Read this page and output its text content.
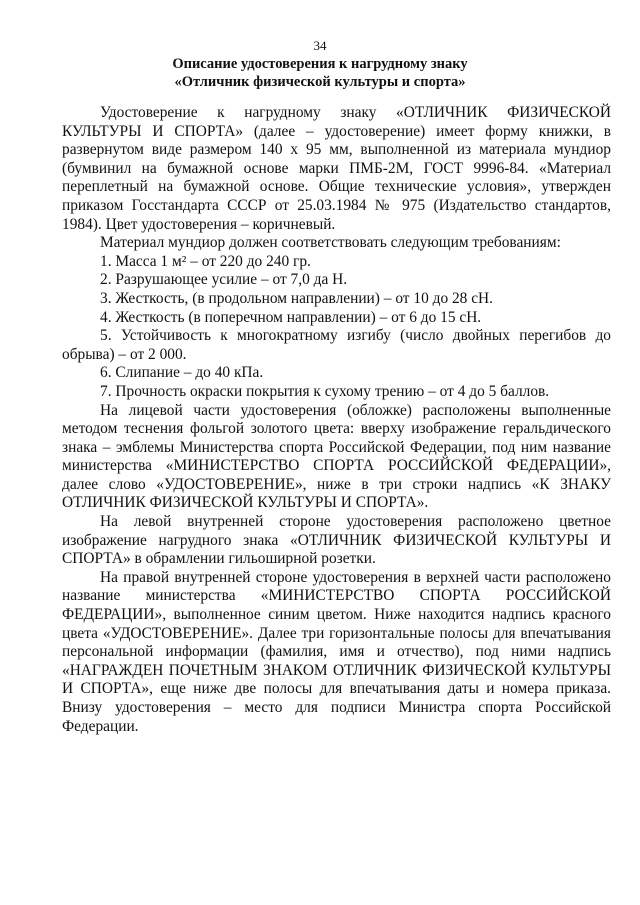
34
Описание удостоверения к нагрудному знаку
«Отличник физической культуры и спорта»

Удостоверение к нагрудному знаку «ОТЛИЧНИК ФИЗИЧЕСКОЙ КУЛЬТУРЫ И СПОРТА» (далее – удостоверение) имеет форму книжки, в развернутом виде размером 140 х 95 мм, выполненной из материала мундиор (бумвинил на бумажной основе марки ПМБ-2М, ГОСТ 9996-84. «Материал переплетный на бумажной основе. Общие технические условия», утвержден приказом Госстандарта СССР от 25.03.1984 № 975 (Издательство стандартов, 1984). Цвет удостоверения – коричневый.

Материал мундиор должен соответствовать следующим требованиям:

1. Масса 1 м² – от 220 до 240 гр.

2. Разрушающее усилие – от 7,0 да Н.

3. Жесткость, (в продольном направлении) – от 10 до 28 сН.

4. Жесткость (в поперечном направлении) – от 6 до 15 сН.

5. Устойчивость к многократному изгибу (число двойных перегибов до обрыва) – от 2 000.

6. Слипание – до 40 кПа.

7. Прочность окраски покрытия к сухому трению – от 4 до 5 баллов.

На лицевой части удостоверения (обложке) расположены выполненные методом теснения фольгой золотого цвета: вверху изображение геральдического знака – эмблемы Министерства спорта Российской Федерации, под ним название министерства «МИНИСТЕРСТВО СПОРТА РОССИЙСКОЙ ФЕДЕРАЦИИ», далее слово «УДОСТОВЕРЕНИЕ», ниже в три строки надпись «К ЗНАКУ ОТЛИЧНИК ФИЗИЧЕСКОЙ КУЛЬТУРЫ И СПОРТА».

На левой внутренней стороне удостоверения расположено цветное изображение нагрудного знака «ОТЛИЧНИК ФИЗИЧЕСКОЙ КУЛЬТУРЫ И СПОРТА» в обрамлении гильоширной розетки.

На правой внутренней стороне удостоверения в верхней части расположено название министерства «МИНИСТЕРСТВО СПОРТА РОССИЙСКОЙ ФЕДЕРАЦИИ», выполненное синим цветом. Ниже находится надпись красного цвета «УДОСТОВЕРЕНИЕ». Далее три горизонтальные полосы для впечатывания персональной информации (фамилия, имя и отчество), под ними надпись «НАГРАЖДЕН ПОЧЕТНЫМ ЗНАКОМ ОТЛИЧНИК ФИЗИЧЕСКОЙ КУЛЬТУРЫ И СПОРТА», еще ниже две полосы для впечатывания даты и номера приказа. Внизу удостоверения – место для подписи Министра спорта Российской Федерации.
